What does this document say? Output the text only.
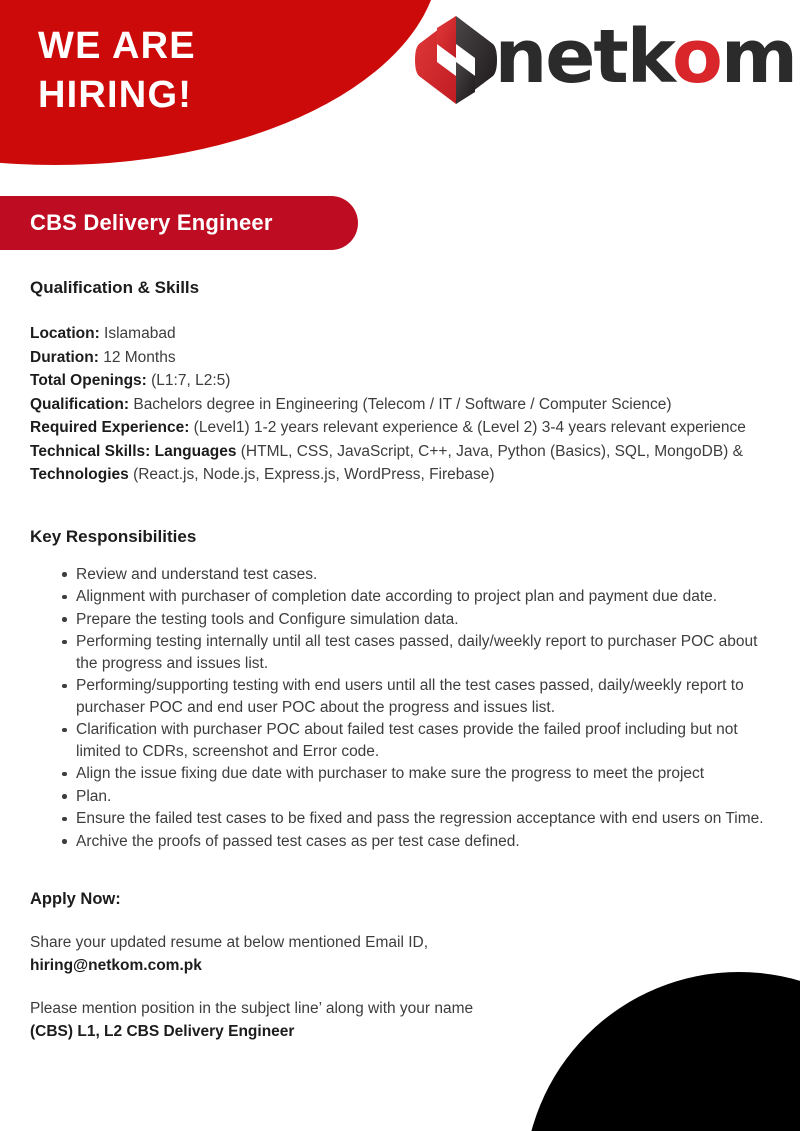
WE ARE
HIRING!	netkom
CBS Delivery Engineer
Qualification & Skills
Location: Islamabad
Duration: 12 Months
Total Openings: (L1:7, L2:5)
Qualification: Bachelors degree in Engineering (Telecom / IT / Software / Computer Science)
Required Experience: (Level1) 1-2 years relevant experience & (Level 2) 3-4 years relevant experience
Technical Skills: Languages (HTML, CSS, JavaScript, C++, Java, Python (Basics), SQL, MongoDB) & Technologies (React.js, Node.js, Express.js, WordPress, Firebase)
Key Responsibilities
Review and understand test cases.
Alignment with purchaser of completion date according to project plan and payment due date.
Prepare the testing tools and Configure simulation data.
Performing testing internally until all test cases passed, daily/weekly report to purchaser POC about the progress and issues list.
Performing/supporting testing with end users until all the test cases passed, daily/weekly report to purchaser POC and end user POC about the progress and issues list.
Clarification with purchaser POC about failed test cases provide the failed proof including but not limited to CDRs, screenshot and Error code.
Align the issue fixing due date with purchaser to make sure the progress to meet the project
Plan.
Ensure the failed test cases to be fixed and pass the regression acceptance with end users on Time.
Archive the proofs of passed test cases as per test case defined.
Apply Now:
Share your updated resume at below mentioned Email ID,
hiring@netkom.com.pk
Please mention position in the subject line’ along with your name
(CBS) L1, L2 CBS Delivery Engineer
